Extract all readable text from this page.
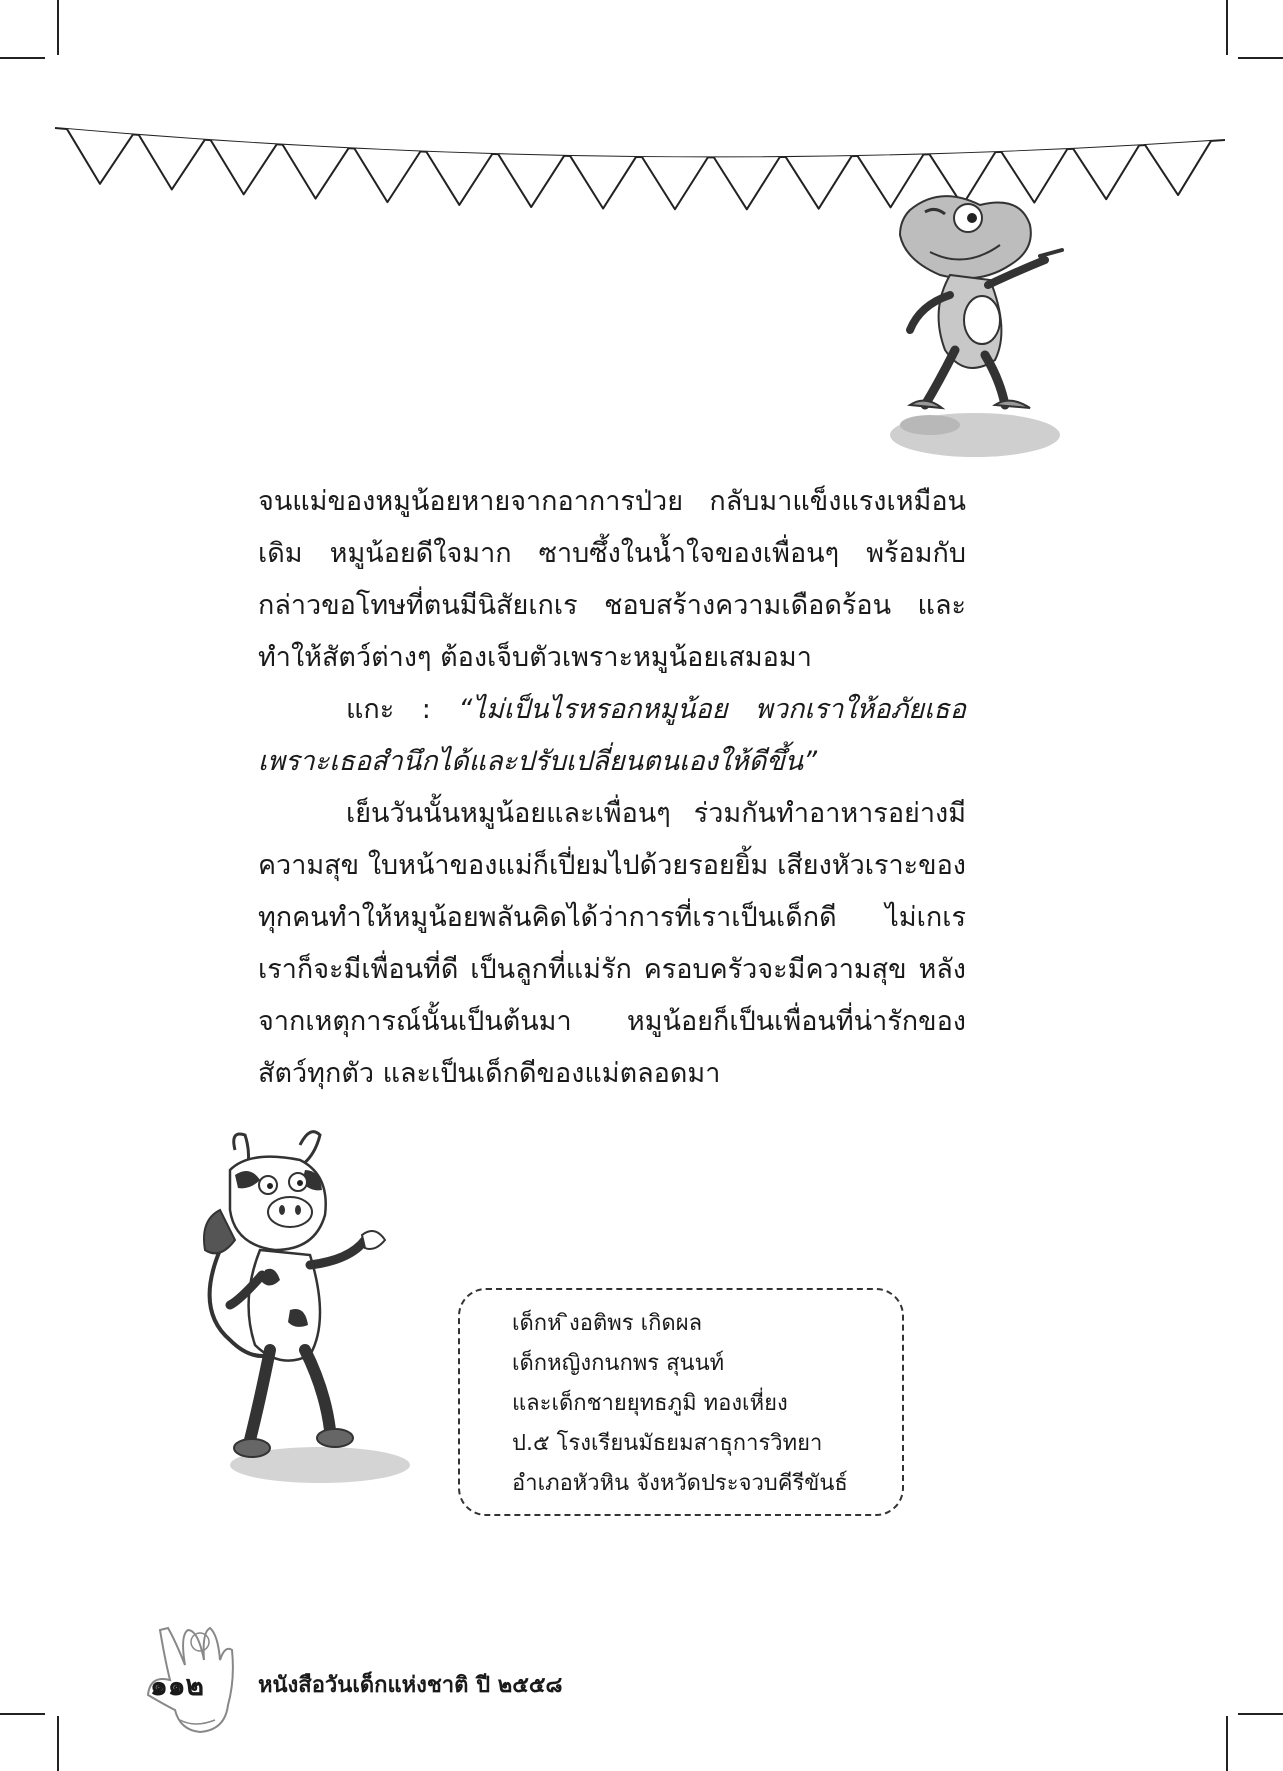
จนแม่ของหมูน้อยหายจากอาการป่วย กลับมาแข็งแรงเหมือนเดิม หมูน้อยดีใจมาก ซาบซึ้งในน้ำใจของเพื่อนๆ พร้อมกับกล่าวขอโทษที่ตนมีนิสัยเกเร ชอบสร้างความเดือดร้อน และทำให้สัตว์ต่างๆ ต้องเจ็บตัวเพราะหมูน้อยเสมอมา

แกะ : “ไม่เป็นไรหรอกหมูน้อย พวกเราให้อภัยเธอ เพราะเธอสำนึกได้และปรับเปลี่ยนตนเองให้ดีขึ้น”

เย็นวันนั้นหมูน้อยและเพื่อนๆ ร่วมกันทำอาหารอย่างมีความสุข ใบหน้าของแม่ก็เปี่ยมไปด้วยรอยยิ้ม เสียงหัวเราะของทุกคนทำให้หมูน้อยพลันคิดได้ว่าการที่เราเป็นเด็กดี ไม่เกเร เราก็จะมีเพื่อนที่ดี เป็นลูกที่แม่รัก ครอบครัวจะมีความสุข หลังจากเหตุการณ์นั้นเป็นต้นมา หมูน้อยก็เป็นเพื่อนที่น่ารักของสัตว์ทุกตัว และเป็นเด็กดีของแม่ตลอดมา

เด็กห ิงอติพร เกิดผล

เด็กหญิงกนกพร สุนนท์

และเด็กชายยุทธภูมิ ทองเหี่ยง

ป.๕ โรงเรียนมัธยมสาธุการวิทยา

อำเภอหัวหิน จังหวัดประจวบคีรีขันธ์

๑๑๒ หนังสือวันเด็กแห่งชาติ ปี ๒๕๕๘
